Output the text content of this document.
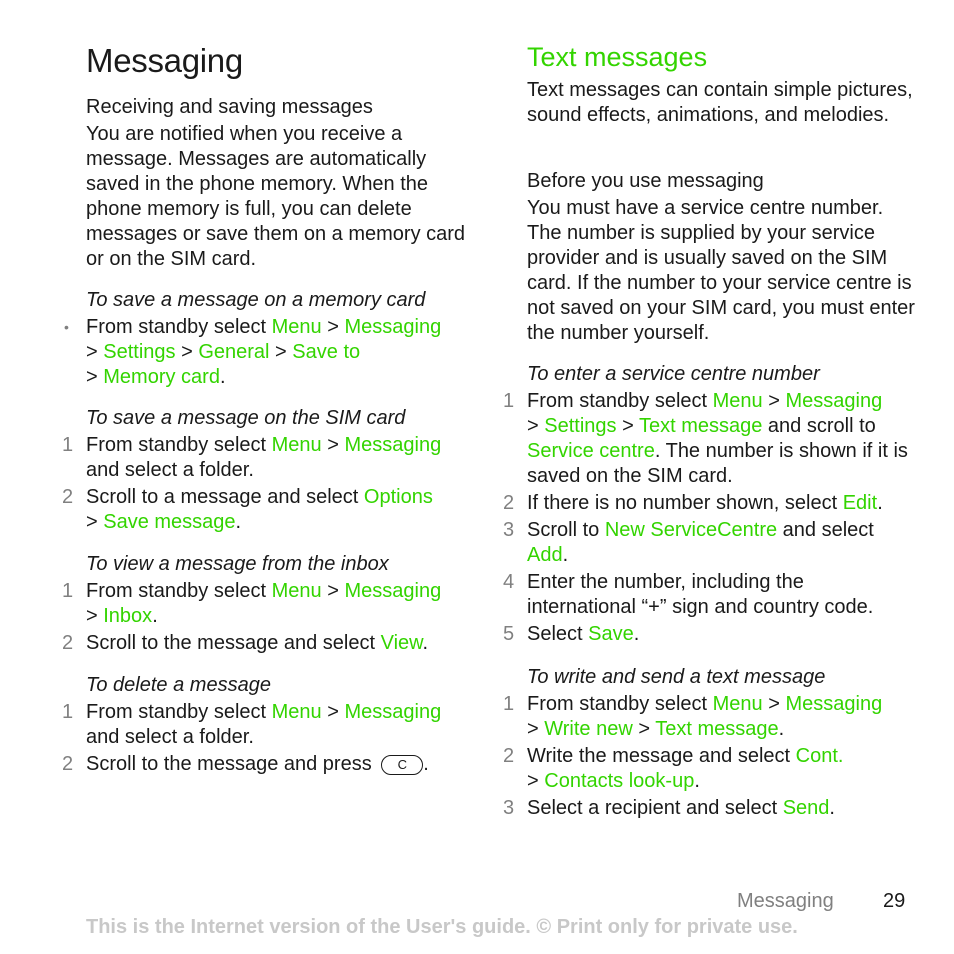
Messaging	Text messages
Receiving and saving messages

You are notified when you receive a message. Messages are automatically saved in the phone memory. When the phone memory is full, you can delete messages or save them on a memory card or on the SIM card.

To save a message on a memory card
• From standby select Menu > Messaging
> Settings > General > Save to
> Memory card.
To save a message on the SIM card
1 From standby select Menu > Messaging
and select a folder.
2 Scroll to a message and select Options
> Save message.
To view a message from the inbox
1 From standby select Menu > Messaging
> Inbox.
2 Scroll to the message and select View.
To delete a message
1 From standby select Menu > Messaging
and select a folder.
2 Scroll to the message and press C .

Text messages can contain simple pictures, sound effects, animations, and melodies.

Before you use messaging

You must have a service centre number. The number is supplied by your service provider and is usually saved on the SIM card. If the number to your service centre is not saved on your SIM card, you must enter the number yourself.

To enter a service centre number
1 From standby select Menu > Messaging
> Settings > Text message and scroll to
Service centre. The number is shown if it is saved on the SIM card.
2 If there is no number shown, select Edit.
3 Scroll to New ServiceCentre and select
Add.
4 Enter the number, including the international “+” sign and country code.
5 Select Save.
To write and send a text message
1 From standby select Menu > Messaging
> Write new > Text message.
2 Write the message and select Cont.
> Contacts look-up.
3 Select a recipient and select Send.
Messaging 29
This is the Internet version of the User's guide. © Print only for private use.
